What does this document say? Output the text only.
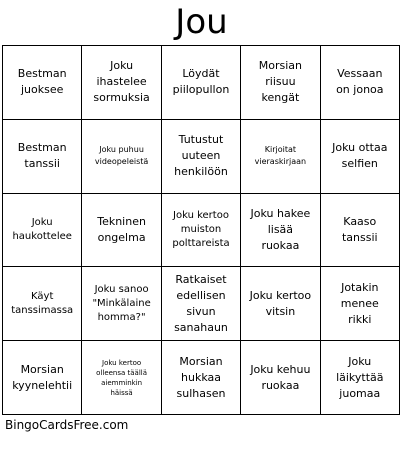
Jou
Bestman
juoksee
Joku
ihastelee
sormuksia
Löydät
piilopullon
Morsian
riisuu
kengät
Vessaan
on jonoa
Bestman
tanssii
Joku puhuu
videopeleistä
Tutustut
uuteen
henkilöön
Kirjoitat
vieraskirjaan
Joku ottaa
selfien
Joku
haukottelee
Tekninen
ongelma
Joku kertoo
muiston
polttareista
Joku hakee
lisää
ruokaa
Kaaso
tanssii
Käyt
tanssimassa
Joku sanoo
"Minkälaine
homma?"
Ratkaiset
edellisen
sivun
sanahaun
Joku kertoo
vitsin
Jotakin
menee
rikki
Morsian
kyynelehtii
Joku kertoo
olleensa täällä
aiemminkin
häissä
Morsian
hukkaa
sulhasen
Joku kehuu
ruokaa
Joku
läikyttää
juomaa
BingoCardsFree.com
